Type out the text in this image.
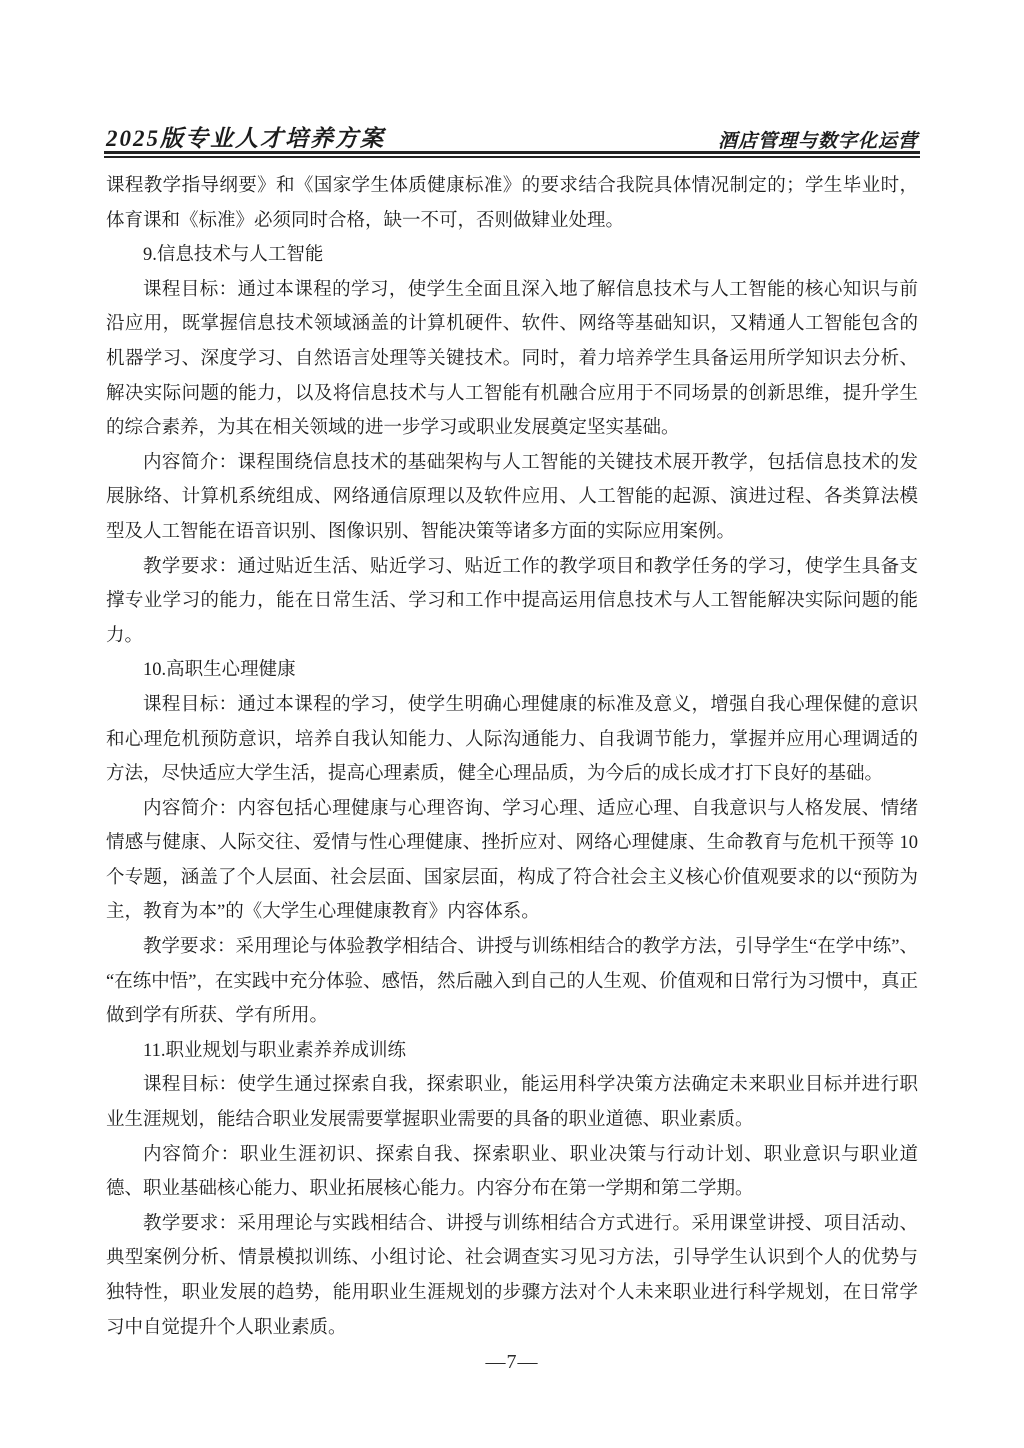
2025版专业人才培养方案	酒店管理与数字化运营

课程教学指导纲要》和《国家学生体质健康标准》的要求结合我院具体情况制定的；学生毕业时，体育课和《标准》必须同时合格，缺一不可，否则做肄业处理。

9.信息技术与人工智能

课程目标：通过本课程的学习，使学生全面且深入地了解信息技术与人工智能的核心知识与前沿应用，既掌握信息技术领域涵盖的计算机硬件、软件、网络等基础知识，又精通人工智能包含的机器学习、深度学习、自然语言处理等关键技术。同时，着力培养学生具备运用所学知识去分析、解决实际问题的能力，以及将信息技术与人工智能有机融合应用于不同场景的创新思维，提升学生的综合素养，为其在相关领域的进一步学习或职业发展奠定坚实基础。

内容简介：课程围绕信息技术的基础架构与人工智能的关键技术展开教学，包括信息技术的发展脉络、计算机系统组成、网络通信原理以及软件应用、人工智能的起源、演进过程、各类算法模型及人工智能在语音识别、图像识别、智能决策等诸多方面的实际应用案例。

教学要求：通过贴近生活、贴近学习、贴近工作的教学项目和教学任务的学习，使学生具备支撑专业学习的能力，能在日常生活、学习和工作中提高运用信息技术与人工智能解决实际问题的能力。

10.高职生心理健康

课程目标：通过本课程的学习，使学生明确心理健康的标准及意义，增强自我心理保健的意识和心理危机预防意识，培养自我认知能力、人际沟通能力、自我调节能力，掌握并应用心理调适的方法，尽快适应大学生活，提高心理素质，健全心理品质，为今后的成长成才打下良好的基础。

内容简介：内容包括心理健康与心理咨询、学习心理、适应心理、自我意识与人格发展、情绪情感与健康、人际交往、爱情与性心理健康、挫折应对、网络心理健康、生命教育与危机干预等 10 个专题，涵盖了个人层面、社会层面、国家层面，构成了符合社会主义核心价值观要求的以“预防为主，教育为本”的《大学生心理健康教育》内容体系。

教学要求：采用理论与体验教学相结合、讲授与训练相结合的教学方法，引导学生“在学中练”、“在练中悟”，在实践中充分体验、感悟，然后融入到自己的人生观、价值观和日常行为习惯中，真正做到学有所获、学有所用。

11.职业规划与职业素养养成训练

课程目标：使学生通过探索自我，探索职业，能运用科学决策方法确定未来职业目标并进行职业生涯规划，能结合职业发展需要掌握职业需要的具备的职业道德、职业素质。

内容简介：职业生涯初识、探索自我、探索职业、职业决策与行动计划、职业意识与职业道德、职业基础核心能力、职业拓展核心能力。内容分布在第一学期和第二学期。

教学要求：采用理论与实践相结合、讲授与训练相结合方式进行。采用课堂讲授、项目活动、典型案例分析、情景模拟训练、小组讨论、社会调查实习见习方法，引导学生认识到个人的优势与独特性，职业发展的趋势，能用职业生涯规划的步骤方法对个人未来职业进行科学规划，在日常学习中自觉提升个人职业素质。

—7—
